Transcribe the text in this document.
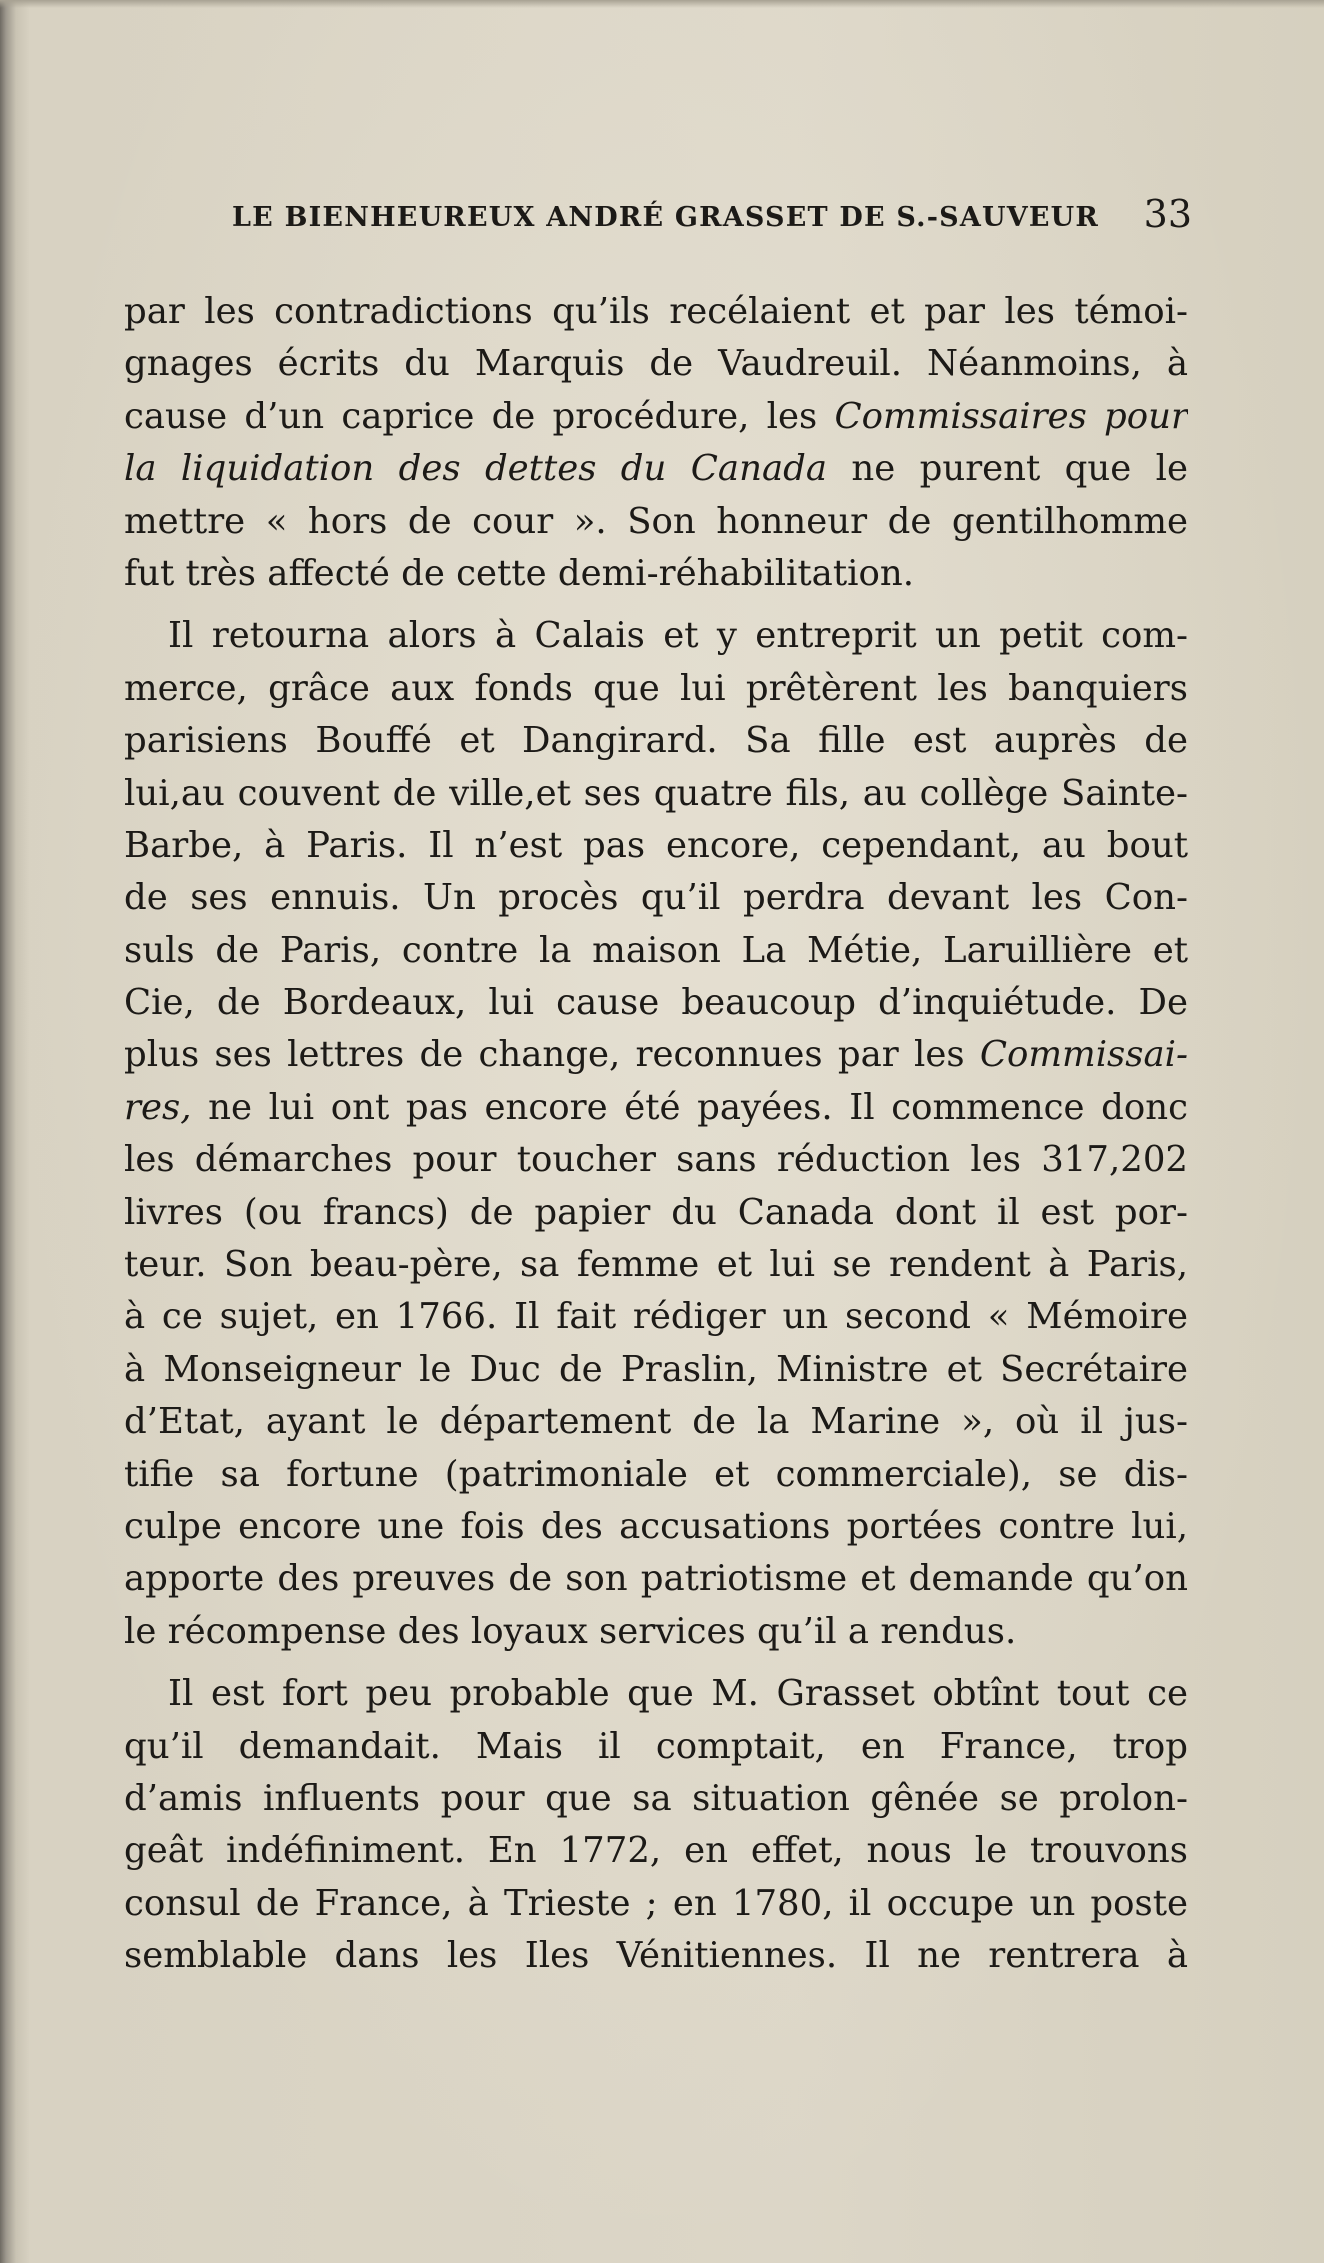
LE BIENHEUREUX ANDRÉ GRASSET DE S.-SAUVEUR 33
par les contradictions qu’ils recélaient et par les témoi-
gnages écrits du Marquis de Vaudreuil. Néanmoins, à
cause d’un caprice de procédure, les Commissaires pour
la liquidation des dettes du Canada ne purent que le
mettre « hors de cour ». Son honneur de gentilhomme
fut très affecté de cette demi-réhabilitation.
Il retourna alors à Calais et y entreprit un petit com-
merce, grâce aux fonds que lui prêtèrent les banquiers
parisiens Bouffé et Dangirard. Sa fille est auprès de
lui,au couvent de ville,et ses quatre fils, au collège Sainte-
Barbe, à Paris. Il n’est pas encore, cependant, au bout
de ses ennuis. Un procès qu’il perdra devant les Con-
suls de Paris, contre la maison La Métie, Laruillière et
Cie, de Bordeaux, lui cause beaucoup d’inquiétude. De
plus ses lettres de change, reconnues par les Commissai-
res, ne lui ont pas encore été payées. Il commence donc
les démarches pour toucher sans réduction les 317,202
livres (ou francs) de papier du Canada dont il est por-
teur. Son beau-père, sa femme et lui se rendent à Paris,
à ce sujet, en 1766. Il fait rédiger un second « Mémoire
à Monseigneur le Duc de Praslin, Ministre et Secrétaire
d’Etat, ayant le département de la Marine », où il jus-
tifie sa fortune (patrimoniale et commerciale), se dis-
culpe encore une fois des accusations portées contre lui,
apporte des preuves de son patriotisme et demande qu’on
le récompense des loyaux services qu’il a rendus.
Il est fort peu probable que M. Grasset obtînt tout ce
qu’il demandait. Mais il comptait, en France, trop
d’amis influents pour que sa situation gênée se prolon-
geât indéfiniment. En 1772, en effet, nous le trouvons
consul de France, à Trieste ; en 1780, il occupe un poste
semblable dans les Iles Vénitiennes. Il ne rentrera à
